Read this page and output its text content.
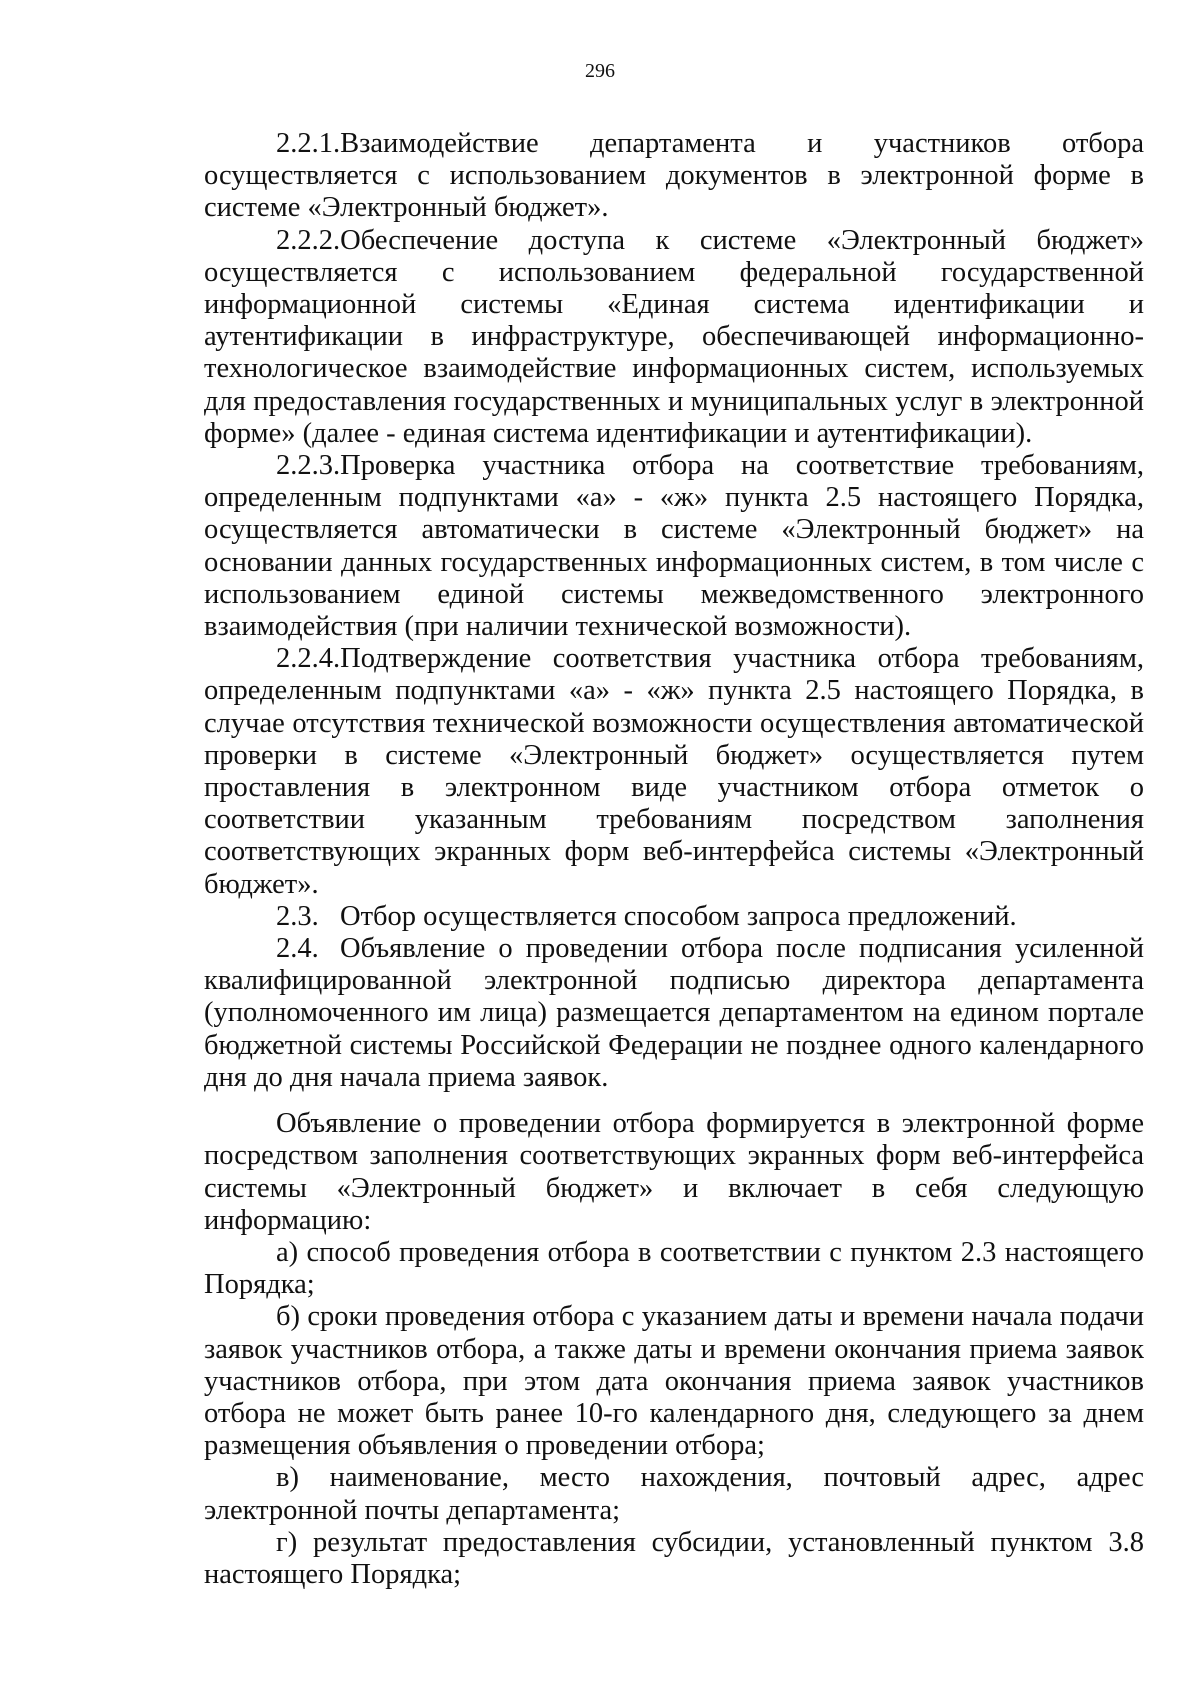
296

2.2.1.Взаимодействие департамента и участников отбора осуществляется с использованием документов в электронной форме в системе «Электронный бюджет».

2.2.2.Обеспечение доступа к системе «Электронный бюджет» осуществляется с использованием федеральной государственной информационной системы «Единая система идентификации и аутентификации в инфраструктуре, обеспечивающей информационно-технологическое взаимодействие информационных систем, используемых для предоставления государственных и муниципальных услуг в электронной форме» (далее - единая система идентификации и аутентификации).

2.2.3.Проверка участника отбора на соответствие требованиям, определенным подпунктами «а» - «ж» пункта 2.5 настоящего Порядка, осуществляется автоматически в системе «Электронный бюджет» на основании данных государственных информационных систем, в том числе с использованием единой системы межведомственного электронного взаимодействия (при наличии технической возможности).

2.2.4.Подтверждение соответствия участника отбора требованиям, определенным подпунктами «а» - «ж» пункта 2.5 настоящего Порядка, в случае отсутствия технической возможности осуществления автоматической проверки в системе «Электронный бюджет» осуществляется путем проставления в электронном виде участником отбора отметок о соответствии указанным требованиям посредством заполнения соответствующих экранных форм веб-интерфейса системы «Электронный бюджет».

2.3. Отбор осуществляется способом запроса предложений.

2.4. Объявление о проведении отбора после подписания усиленной квалифицированной электронной подписью директора департамента (уполномоченного им лица) размещается департаментом на едином портале бюджетной системы Российской Федерации не позднее одного календарного дня до дня начала приема заявок.

Объявление о проведении отбора формируется в электронной форме посредством заполнения соответствующих экранных форм веб-интерфейса системы «Электронный бюджет» и включает в себя следующую информацию:

а) способ проведения отбора в соответствии с пунктом 2.3 настоящего Порядка;

б) сроки проведения отбора с указанием даты и времени начала подачи заявок участников отбора, а также даты и времени окончания приема заявок участников отбора, при этом дата окончания приема заявок участников отбора не может быть ранее 10-го календарного дня, следующего за днем размещения объявления о проведении отбора;

в) наименование, место нахождения, почтовый адрес, адрес электронной почты департамента;

г) результат предоставления субсидии, установленный пунктом 3.8 настоящего Порядка;
